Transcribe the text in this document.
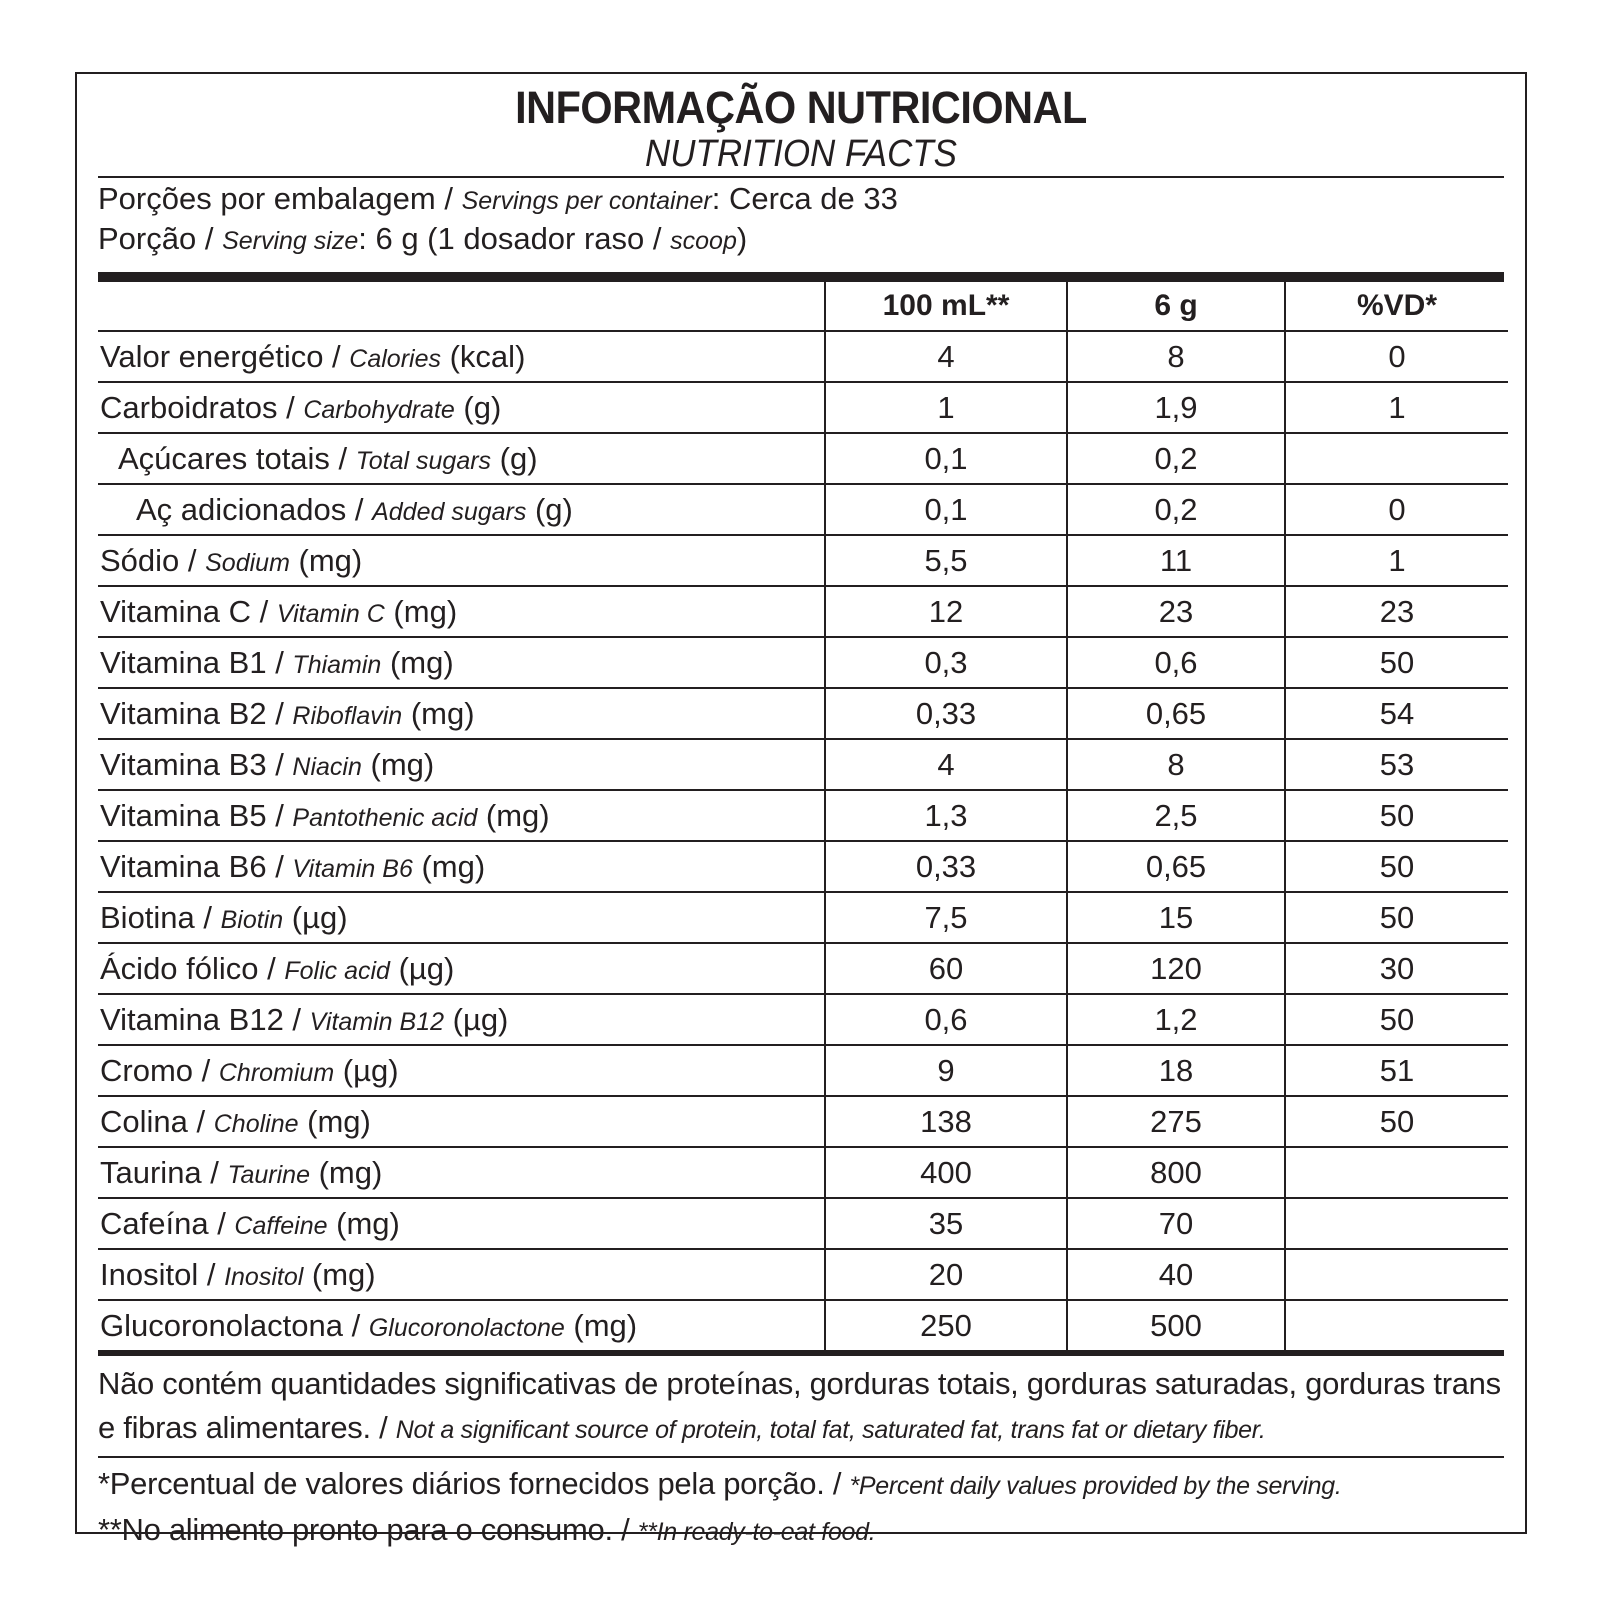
INFORMAÇÃO NUTRICIONAL
NUTRITION FACTS
Porções por embalagem / Servings per container: Cerca de 33
Porção / Serving size: 6 g (1 dosador raso / scoop)
	100 mL**	6 g	%VD*
Valor energético / Calories (kcal)	4	8	0
Carboidratos / Carbohydrate (g)	1	1,9	1
Açúcares totais / Total sugars (g)	0,1	0,2	
Aç adicionados / Added sugars (g)	0,1	0,2	0
Sódio / Sodium (mg)	5,5	11	1
Vitamina C / Vitamin C (mg)	12	23	23
Vitamina B1 / Thiamin (mg)	0,3	0,6	50
Vitamina B2 / Riboflavin (mg)	0,33	0,65	54
Vitamina B3 / Niacin (mg)	4	8	53
Vitamina B5 / Pantothenic acid (mg)	1,3	2,5	50
Vitamina B6 / Vitamin B6 (mg)	0,33	0,65	50
Biotina / Biotin (µg)	7,5	15	50
Ácido fólico / Folic acid (µg)	60	120	30
Vitamina B12 / Vitamin B12 (µg)	0,6	1,2	50
Cromo / Chromium (µg)	9	18	51
Colina / Choline (mg)	138	275	50
Taurina / Taurine (mg)	400	800	
Cafeína / Caffeine (mg)	35	70	
Inositol / Inositol (mg)	20	40	
Glucoronolactona / Glucoronolactone (mg)	250	500	
Não contém quantidades significativas de proteínas, gorduras totais, gorduras saturadas, gorduras trans e fibras alimentares. / Not a significant source of protein, total fat, saturated fat, trans fat or dietary fiber.
*Percentual de valores diários fornecidos pela porção. / *Percent daily values provided by the serving.
**No alimento pronto para o consumo. / **In ready-to-eat food.
